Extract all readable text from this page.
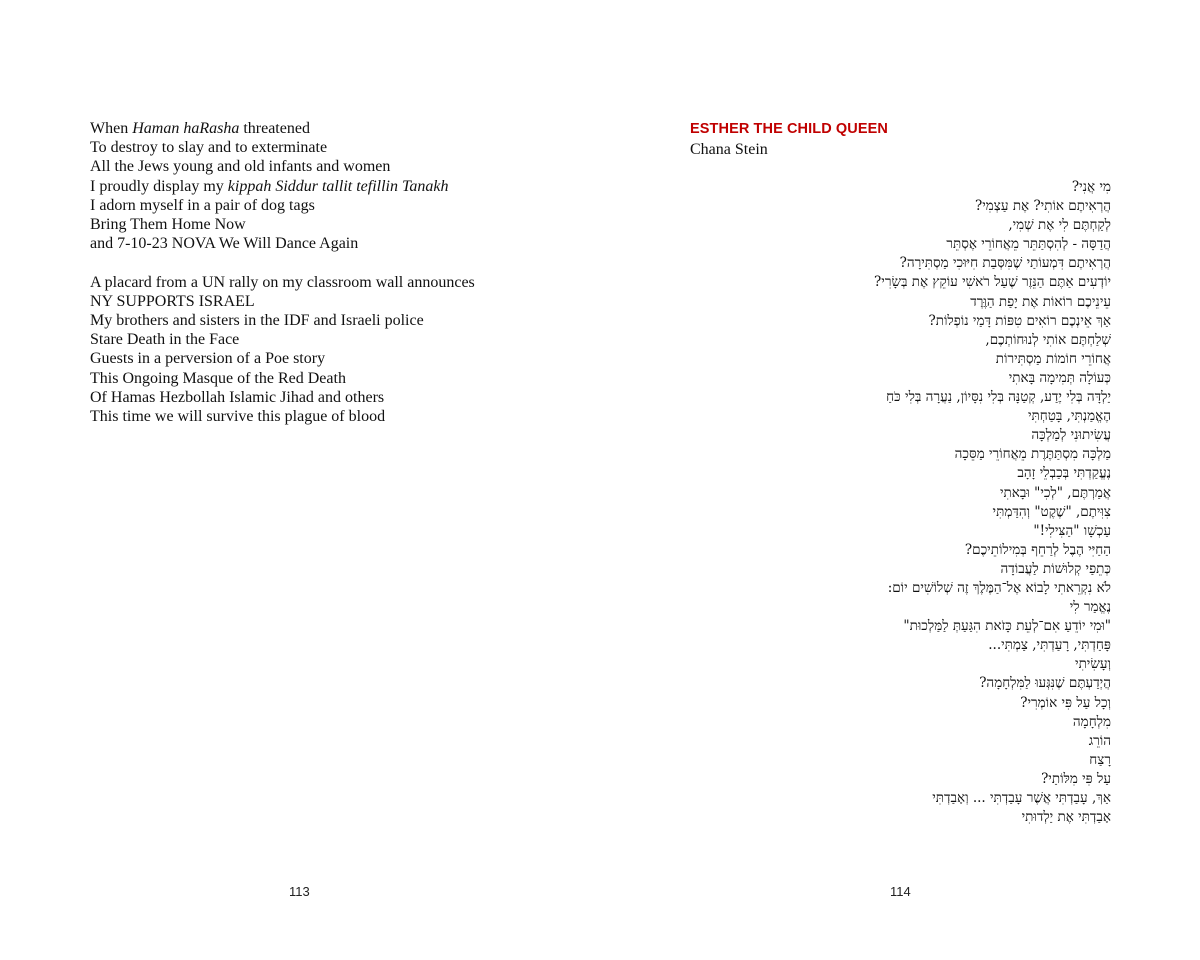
When Haman haRasha threatened
To destroy to slay and to exterminate
All the Jews young and old infants and women
I proudly display my kippah Siddur tallit tefillin Tanakh
I adorn myself in a pair of dog tags
Bring Them Home Now
and 7-10-23 NOVA We Will Dance Again
A placard from a UN rally on my classroom wall announces
NY SUPPORTS ISRAEL
My brothers and sisters in the IDF and Israeli police
Stare Death in the Face
Guests in a perversion of a Poe story
This Ongoing Masque of the Red Death
Of Hamas Hezbollah Islamic Jihad and others
This time we will survive this plague of blood
113
ESTHER THE CHILD QUEEN
Chana Stein
מִי אֲנִי?
הֲרְאִיתֶם אוֹתִי? אֶת עַצְמִי?
לְקַחְתֶּם לִי אֶת שְׁמִי,
הֲדַסָּה - לְהִסְתַּתֵּר מֵאֲחוֹרֵי אֶסְתֵּר
הֲרְאִיתֶם דִּמְעוֹתַי שֶׁמִּסְּבַת חִיּוּכִי מַסְתִּירָה?
יוֹדְעִים אַתֶּם הַנֵּזֶר שֶׁעַל רֹאשִׁי עוֹקֵץ אֶת בְּשָׂרִי?
עֵינֵיכֶם רוֹאוֹת אֶת יָפַת הַוֶּרֶד
אַךְ אֵינְכֶם רוֹאִים טִפּוֹת דָּמַי נוֹפְלוֹת?
שְׁלַחְתֶּם אוֹתִי לְנוּחוֹתְכֶם,
אֲחוֹרֵי חוֹמוֹת מַסְתִּירוֹת
כְּעוֹלָה תְּמִימָה בָּאתִי
יַלְדָּה בְּלִי יֶדַע, קְטַנָּה בְּלִי נִסָּיוֹן, נַעֲרָה בְּלִי כֹּחַ
הֶאֱמַנְתִּי, בָּטַחְתִּי
עֲשִׂיתוּנִי לְמַלְכָּה
מַלְכָּה מִסְתַּתֶּרֶת מֵאֲחוֹרֵי מַסֵּכָה
נֶעֱקַדְתִּי בְּכַבְלֵי זָהָב
אֲמַרְתֶּם, "לְכִי" וּבָאתִי
צִוִּיתֶם, "שֶׁקֶט" וְהִדַּמְתִּי
עַכְשָׁו "הַצִּילִי!"
הַחַיִּי הֶבֶל לְרַחֵף בְּמִילוֹתֵיכֶם?
כְּתֵפַי קְלוּשׁוֹת לַעֲבוֹדָה
לֹא נִקְרֵאתִי לָבוֹא אֶל־הַמֶּלֶךְ זֶה שְׁלוֹשִׁים יוֹם:
נֶאֱמַר לִי
"וּמִי יוֹדֵעַ אִם־לְעֵת כָּזֹאת הִגַּעַתְּ לַמַּלְכוּת"
פָּחַדְתִּי, רָעַדְתִּי, צַמְתִּי...
וְעָשִׂיתִי
הֲיְדַעְתֶּם שֶׁנִּגְּעוּ לַמִּלְחָמָה?
וְכָל עַל פִּי אוֹמְרִי?
מִלְחָמָה
הוֹרֵג
רָצַח
עַל פִּי מִלּוֹתַי?
אַךְ, עָבַדְתִּי אֲשֶׁר עָבַדְתִּי ... וְאָבַדְתִּי
אָבַדְתִּי אֶת יַלְדוּתִי
114
